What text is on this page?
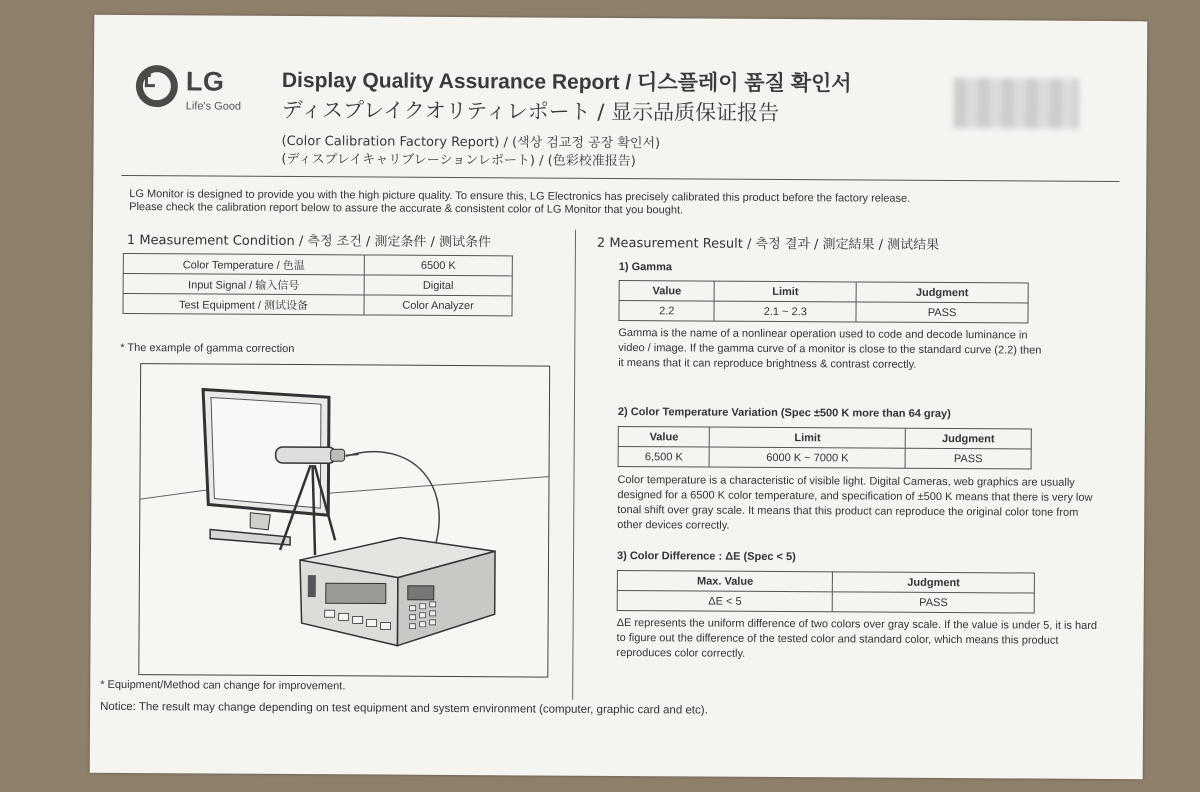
LG
Life's Good
Display Quality Assurance Report / 디스플레이 품질 확인서
ディスプレイクオリティレポート / 显示品质保证报告
(Color Calibration Factory Report) / (색상 검교정 공장 확인서)
(ディスプレイキャリブレーションレポート) / (色彩校准报告)
LG Monitor is designed to provide you with the high picture quality. To ensure this, LG Electronics has precisely calibrated this product before the factory release.
Please check the calibration report below to assure the accurate & consistent color of LG Monitor that you bought.
1 Measurement Condition / 측정 조건 / 測定条件 / 测试条件
Color Temperature / 色温	6500 K
Input Signal / 输入信号	Digital
Test Equipment / 测试设备	Color Analyzer
* The example of gamma correction
* Equipment/Method can change for improvement.
Notice: The result may change depending on test equipment and system environment (computer, graphic card and etc).
2 Measurement Result / 측정 결과 / 測定結果 / 测试结果
1) Gamma
Value	Limit	Judgment
2.2	2.1 ~ 2.3	PASS
Gamma is the name of a nonlinear operation used to code and decode luminance in video / image. If the gamma curve of a monitor is close to the standard curve (2.2) then it means that it can reproduce brightness & contrast correctly.
2) Color Temperature Variation (Spec ±500 K more than 64 gray)
Value	Limit	Judgment
6,500 K	6000 K ~ 7000 K	PASS
Color temperature is a characteristic of visible light. Digital Cameras, web graphics are usually designed for a 6500 K color temperature, and specification of ±500 K means that there is very low tonal shift over gray scale. It means that this product can reproduce the original color tone from other devices correctly.
3) Color Difference : ΔE (Spec < 5)
Max. Value	Judgment
ΔE < 5	PASS
ΔE represents the uniform difference of two colors over gray scale. If the value is under 5, it is hard to figure out the difference of the tested color and standard color, which means this product reproduces color correctly.
